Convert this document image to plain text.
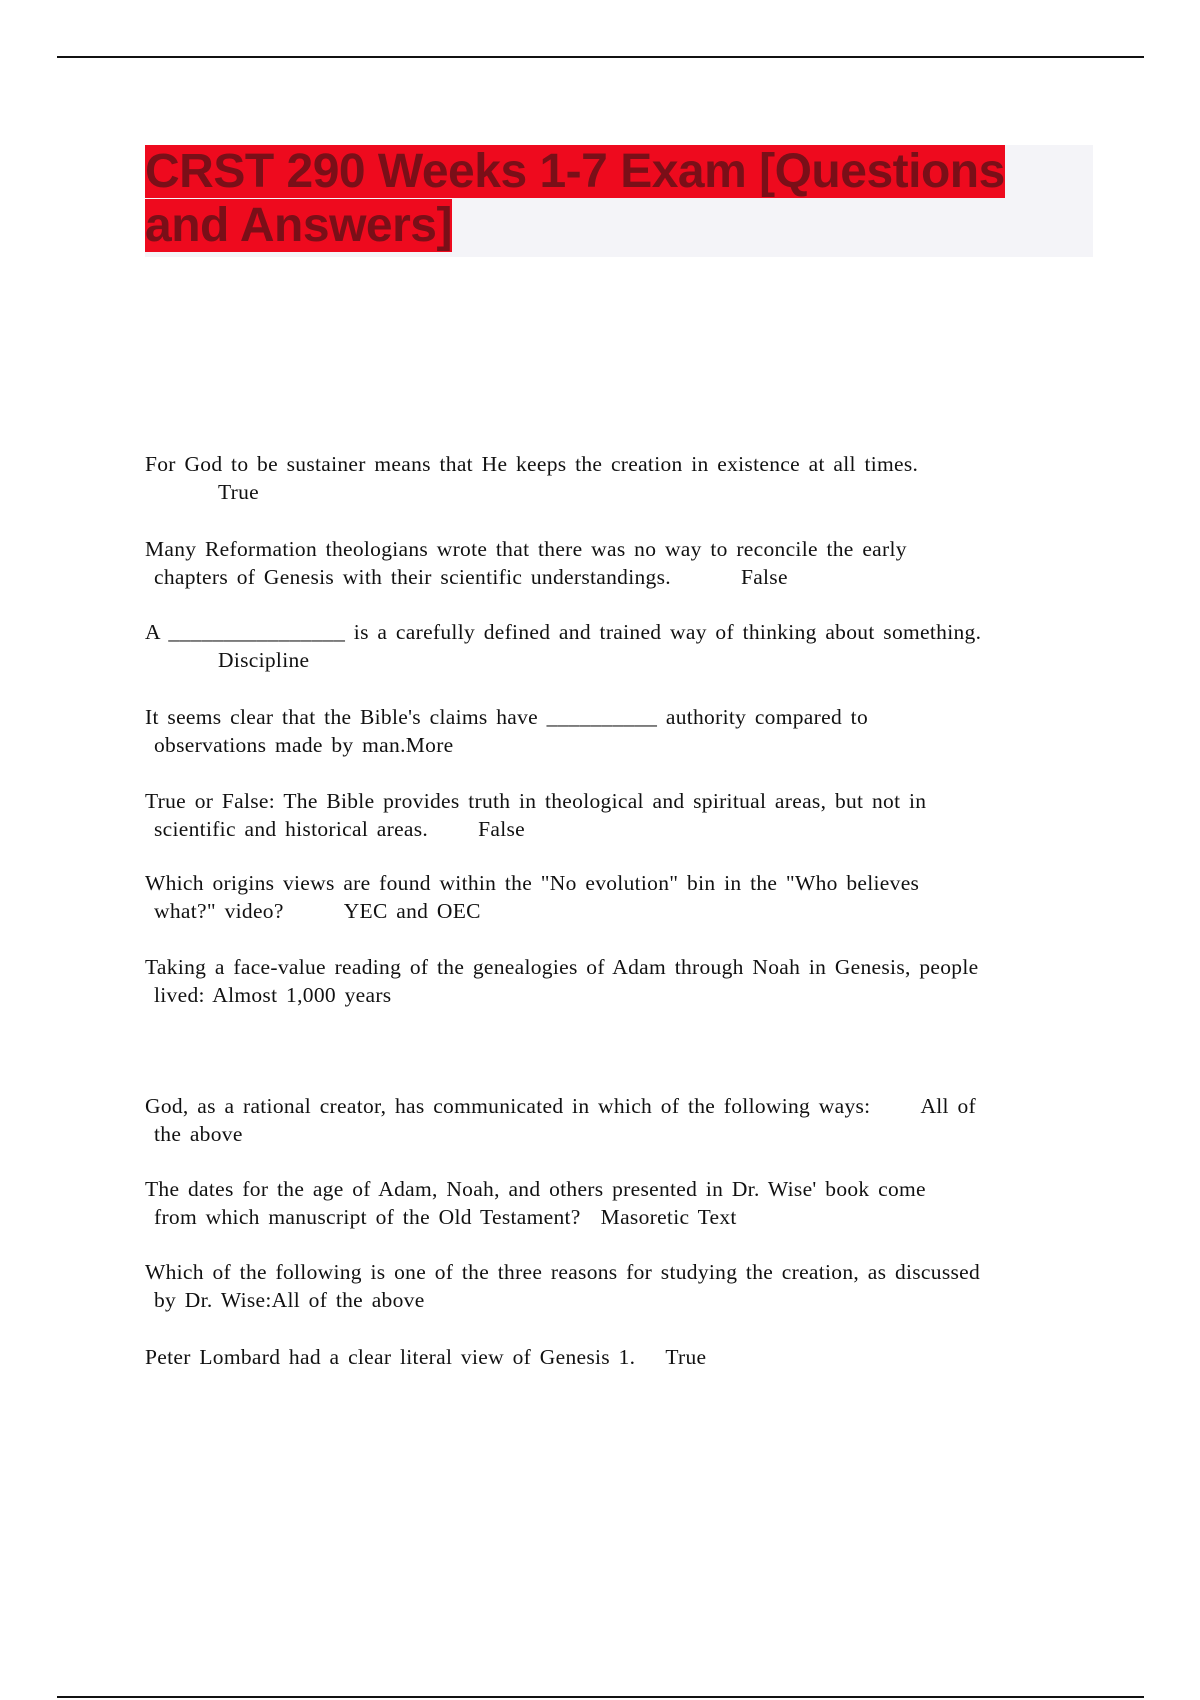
CRST 290 Weeks 1-7 Exam [Questions
and Answers]
For God to be sustainer means that He keeps the creation in existence at all times.
True
Many Reformation theologians wrote that there was no way to reconcile the early
chapters of Genesis with their scientific understandings.	False
A ________________ is a carefully defined and trained way of thinking about something.
Discipline
It seems clear that the Bible's claims have __________ authority compared to
observations made by man.More
True or False: The Bible provides truth in theological and spiritual areas, but not in
scientific and historical areas. False
Which origins views are found within the "No evolution" bin in the "Who believes
what?" video?	YEC and OEC
Taking a face-value reading of the genealogies of Adam through Noah in Genesis, people
lived: Almost 1,000 years
God, as a rational creator, has communicated in which of the following ways: All of
the above
The dates for the age of Adam, Noah, and others presented in Dr. Wise' book come
from which manuscript of the Old Testament? Masoretic Text
Which of the following is one of the three reasons for studying the creation, as discussed
by Dr. Wise:All of the above
Peter Lombard had a clear literal view of Genesis 1. True
